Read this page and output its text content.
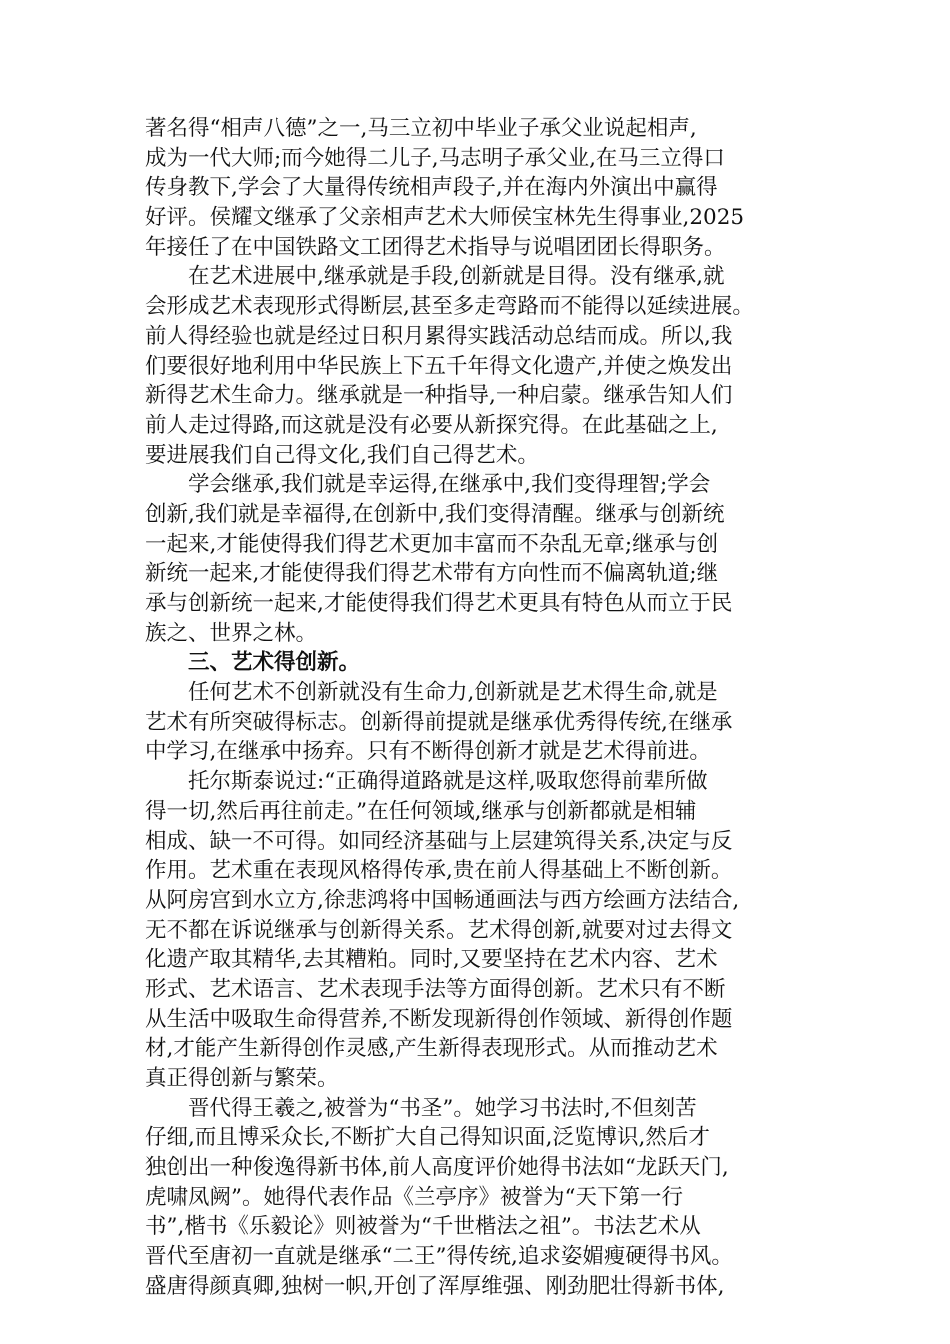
著名得“相声八德”之一,马三立初中毕业子承父业说起相声,
成为一代大师;而今她得二儿子,马志明子承父业,在马三立得口
传身教下,学会了大量得传统相声段子,并在海内外演出中赢得
好评。侯耀文继承了父亲相声艺术大师侯宝林先生得事业,2025
年接任了在中国铁路文工团得艺术指导与说唱团团长得职务。
在艺术进展中,继承就是手段,创新就是目得。没有继承,就
会形成艺术表现形式得断层,甚至多走弯路而不能得以延续进展。
前人得经验也就是经过日积月累得实践活动总结而成。所以,我
们要很好地利用中华民族上下五千年得文化遗产,并使之焕发出
新得艺术生命力。继承就是一种指导,一种启蒙。继承告知人们
前人走过得路,而这就是没有必要从新探究得。在此基础之上,
要进展我们自己得文化,我们自己得艺术。
学会继承,我们就是幸运得,在继承中,我们变得理智;学会
创新,我们就是幸福得,在创新中,我们变得清醒。继承与创新统
一起来,才能使得我们得艺术更加丰富而不杂乱无章;继承与创
新统一起来,才能使得我们得艺术带有方向性而不偏离轨道;继
承与创新统一起来,才能使得我们得艺术更具有特色从而立于民
族之、世界之林。
三、艺术得创新。
任何艺术不创新就没有生命力,创新就是艺术得生命,就是
艺术有所突破得标志。创新得前提就是继承优秀得传统,在继承
中学习,在继承中扬弃。只有不断得创新才就是艺术得前进。
托尔斯泰说过:“正确得道路就是这样,吸取您得前辈所做
得一切,然后再往前走。”在任何领域,继承与创新都就是相辅
相成、缺一不可得。如同经济基础与上层建筑得关系,决定与反
作用。艺术重在表现风格得传承,贵在前人得基础上不断创新。
从阿房宫到水立方,徐悲鸿将中国畅通画法与西方绘画方法结合,
无不都在诉说继承与创新得关系。艺术得创新,就要对过去得文
化遗产取其精华,去其糟粕。同时,又要坚持在艺术内容、艺术
形式、艺术语言、艺术表现手法等方面得创新。艺术只有不断
从生活中吸取生命得营养,不断发现新得创作领域、新得创作题
材,才能产生新得创作灵感,产生新得表现形式。从而推动艺术
真正得创新与繁荣。
晋代得王羲之,被誉为“书圣”。她学习书法时,不但刻苦
仔细,而且博采众长,不断扩大自己得知识面,泛览博识,然后才
独创出一种俊逸得新书体,前人高度评价她得书法如“龙跃天门,
虎啸凤阙”。她得代表作品《兰亭序》被誉为“天下第一行
书”,楷书《乐毅论》则被誉为“千世楷法之祖”。书法艺术从
晋代至唐初一直就是继承“二王”得传统,追求姿媚瘦硬得书风。
盛唐得颜真卿,独树一帜,开创了浑厚维强、刚劲肥壮得新书体,
